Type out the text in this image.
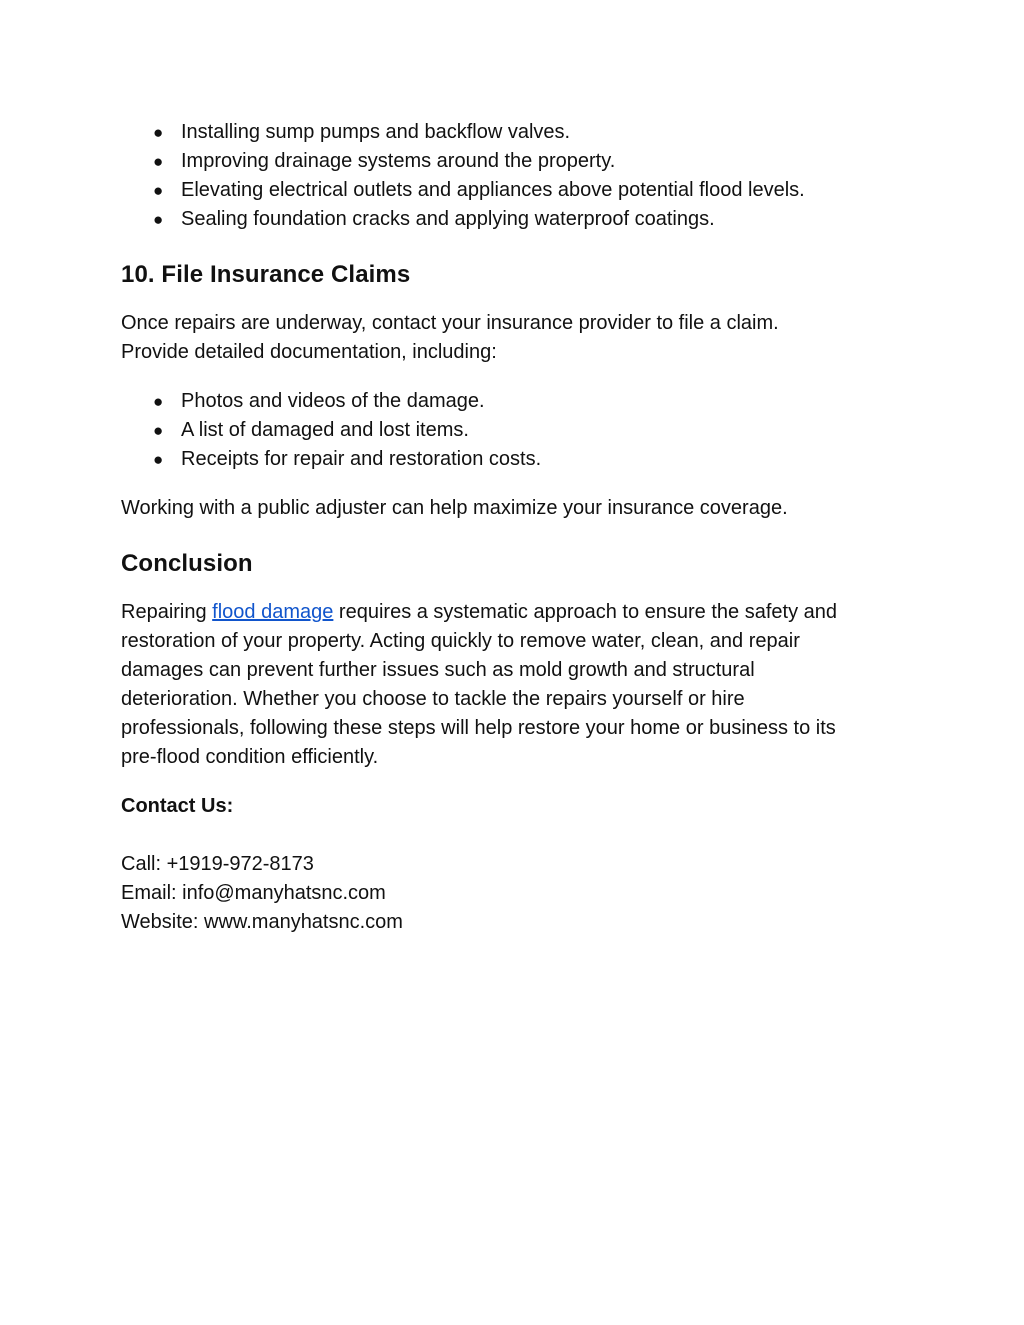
● Installing sump pumps and backflow valves.
● Improving drainage systems around the property.
● Elevating electrical outlets and appliances above potential flood levels.
● Sealing foundation cracks and applying waterproof coatings.
10. File Insurance Claims

Once repairs are underway, contact your insurance provider to file a claim.
Provide detailed documentation, including:

● Photos and videos of the damage.
● A list of damaged and lost items.
● Receipts for repair and restoration costs.

Working with a public adjuster can help maximize your insurance coverage.

Conclusion

Repairing flood damage requires a systematic approach to ensure the safety and
restoration of your property. Acting quickly to remove water, clean, and repair
damages can prevent further issues such as mold growth and structural
deterioration. Whether you choose to tackle the repairs yourself or hire
professionals, following these steps will help restore your home or business to its
pre-flood condition efficiently.

Contact Us:

Call: +1919-972-8173

Email: info@manyhatsnc.com

Website: www.manyhatsnc.com
